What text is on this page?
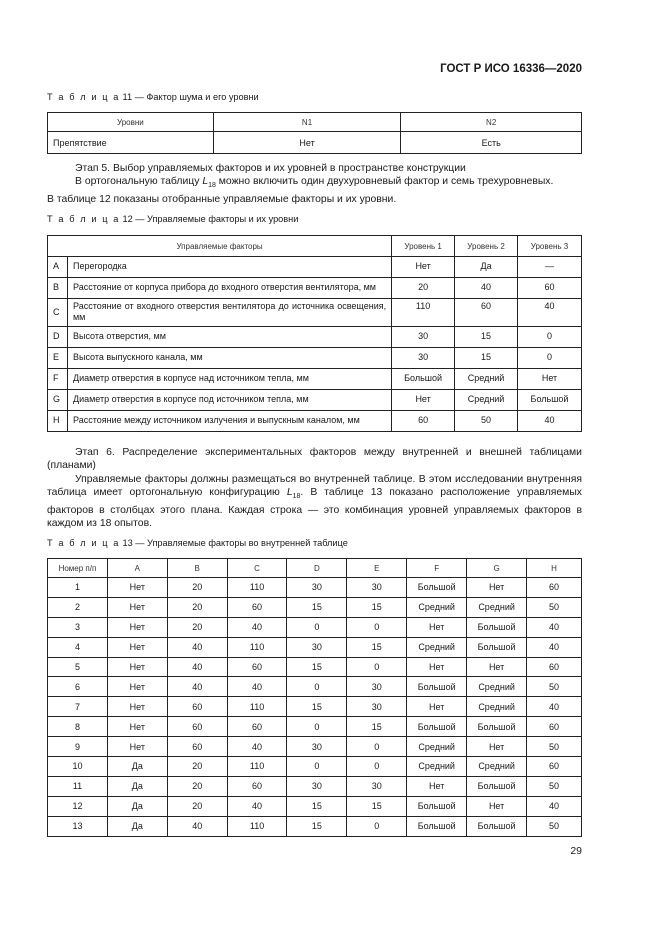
ГОСТ Р ИСО 16336—2020
Т а б л и ц а 11 — Фактор шума и его уровни
Уровни	N1	N2
Препятствие	Нет	Есть

Этап 5. Выбор управляемых факторов и их уровней в пространстве конструкции

В ортогональную таблицу $L_{18}$ можно включить один двухуровневый фактор и семь трехуровневых.

В таблице 12 показаны отобранные управляемые факторы и их уровни.

Т а б л и ц а 12 — Управляемые факторы и их уровни
Управляемые факторы		Уровень 1	Уровень 2	Уровень 3
A	Перегородка	Нет	Да	—
B	Расстояние от корпуса прибора до входного отверстия вентилятора, мм	20	40	60
C	Расстояние от входного отверстия вентилятора до источника освещения, мм	110	60	40
D	Высота отверстия, мм	30	15	0
E	Высота выпускного канала, мм	30	15	0
F	Диаметр отверстия в корпусе над источником тепла, мм	Большой	Средний	Нет
G	Диаметр отверстия в корпусе под источником тепла, мм	Нет	Средний	Большой
H	Расстояние между источником излучения и выпускным каналом, мм	60	50	40

Этап 6. Распределение экспериментальных факторов между внутренней и внешней таблицами (планами)

Управляемые факторы должны размещаться во внутренней таблице. В этом исследовании внутренняя таблица имеет ортогональную конфигурацию $L_{18}$. В таблице 13 показано расположение управляемых факторов в столбцах этого плана. Каждая строка — это комбинация уровней управляемых факторов в каждом из 18 опытов.

Т а б л и ц а 13 — Управляемые факторы во внутренней таблице
Номер п/п	A	B	C	D	E	F	G	H
1	Нет	20	110	30	30	Большой	Нет	60
2	Нет	20	60	15	15	Средний	Средний	50
3	Нет	20	40	0	0	Нет	Большой	40
4	Нет	40	110	30	15	Средний	Большой	40
5	Нет	40	60	15	0	Нет	Нет	60
6	Нет	40	40	0	30	Большой	Средний	50
7	Нет	60	110	15	30	Нет	Средний	40
8	Нет	60	60	0	15	Большой	Большой	60
9	Нет	60	40	30	0	Средний	Нет	50
10	Да	20	110	0	0	Средний	Средний	60
11	Да	20	60	30	30	Нет	Большой	50
12	Да	20	40	15	15	Большой	Нет	40
13	Да	40	110	15	0	Большой	Большой	50
29
